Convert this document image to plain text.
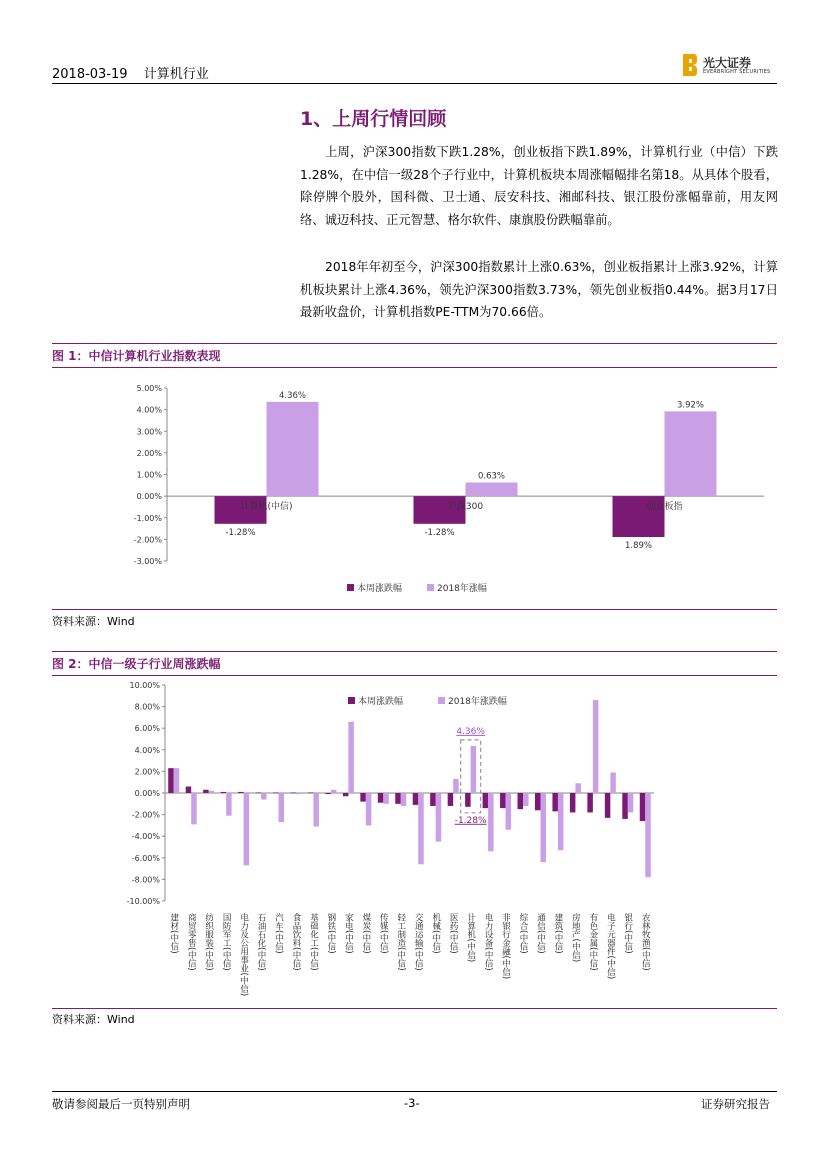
2018-03-19 计算机行业
光大证券
EVERBRIGHT SECURITIES
1、上周行情回顾
上周，沪深300指数下跌1.28%，创业板指下跌1.89%，计算机行业（中信）下跌1.28%，在中信一级28个子行业中，计算机板块本周涨幅幅排名第18。从具体个股看，除停牌个股外，国科微、卫士通、辰安科技、湘邮科技、银江股份涨幅靠前，用友网络、诚迈科技、正元智慧、格尔软件、康旗股份跌幅靠前。
2018年年初至今，沪深300指数累计上涨0.63%，创业板指累计上涨3.92%，计算机板块累计上涨4.36%，领先沪深300指数3.73%，领先创业板指0.44%。据3月17日最新收盘价，计算机指数PE-TTM为70.66倍。
图 1：中信计算机行业指数表现
5.00%
4.00%
3.00%
2.00%
1.00%
0.00%
-1.00%
-2.00%
-3.00%
-1.28%
4.36%
计算机(中信)
-1.28%
0.63%
沪深300
1.89%
3.92%
创业板指
本周涨跌幅	2018年涨幅
资料来源：Wind
图 2：中信一级子行业周涨跌幅
10.00%
8.00%
6.00%
4.00%
2.00%
0.00%
-2.00%
-4.00%
-6.00%
-8.00%
-10.00%
建材(中信) 商贸零售(中信) 纺织服装(中信) 国防军工(中信) 电力及公用事业(中信) 石油石化(中信) 汽车(中信) 食品饮料(中信) 基础化工(中信) 钢铁(中信) 家电(中信) 煤炭(中信) 传媒(中信) 轻工制造(中信) 交通运输(中信) 机械(中信) 医药(中信) 计算机(中信)
4.36%
-1.28%
电力设备(中信) 非银行金融(中信) 综合(中信) 通信(中信) 建筑(中信) 房地产(中信) 有色金属(中信) 电子元器件(中信) 银行(中信) 农林牧渔(中信)
本周涨跌幅	2018年涨跌幅
资料来源：Wind
敬请参阅最后一页特别声明	-3-	证券研究报告
